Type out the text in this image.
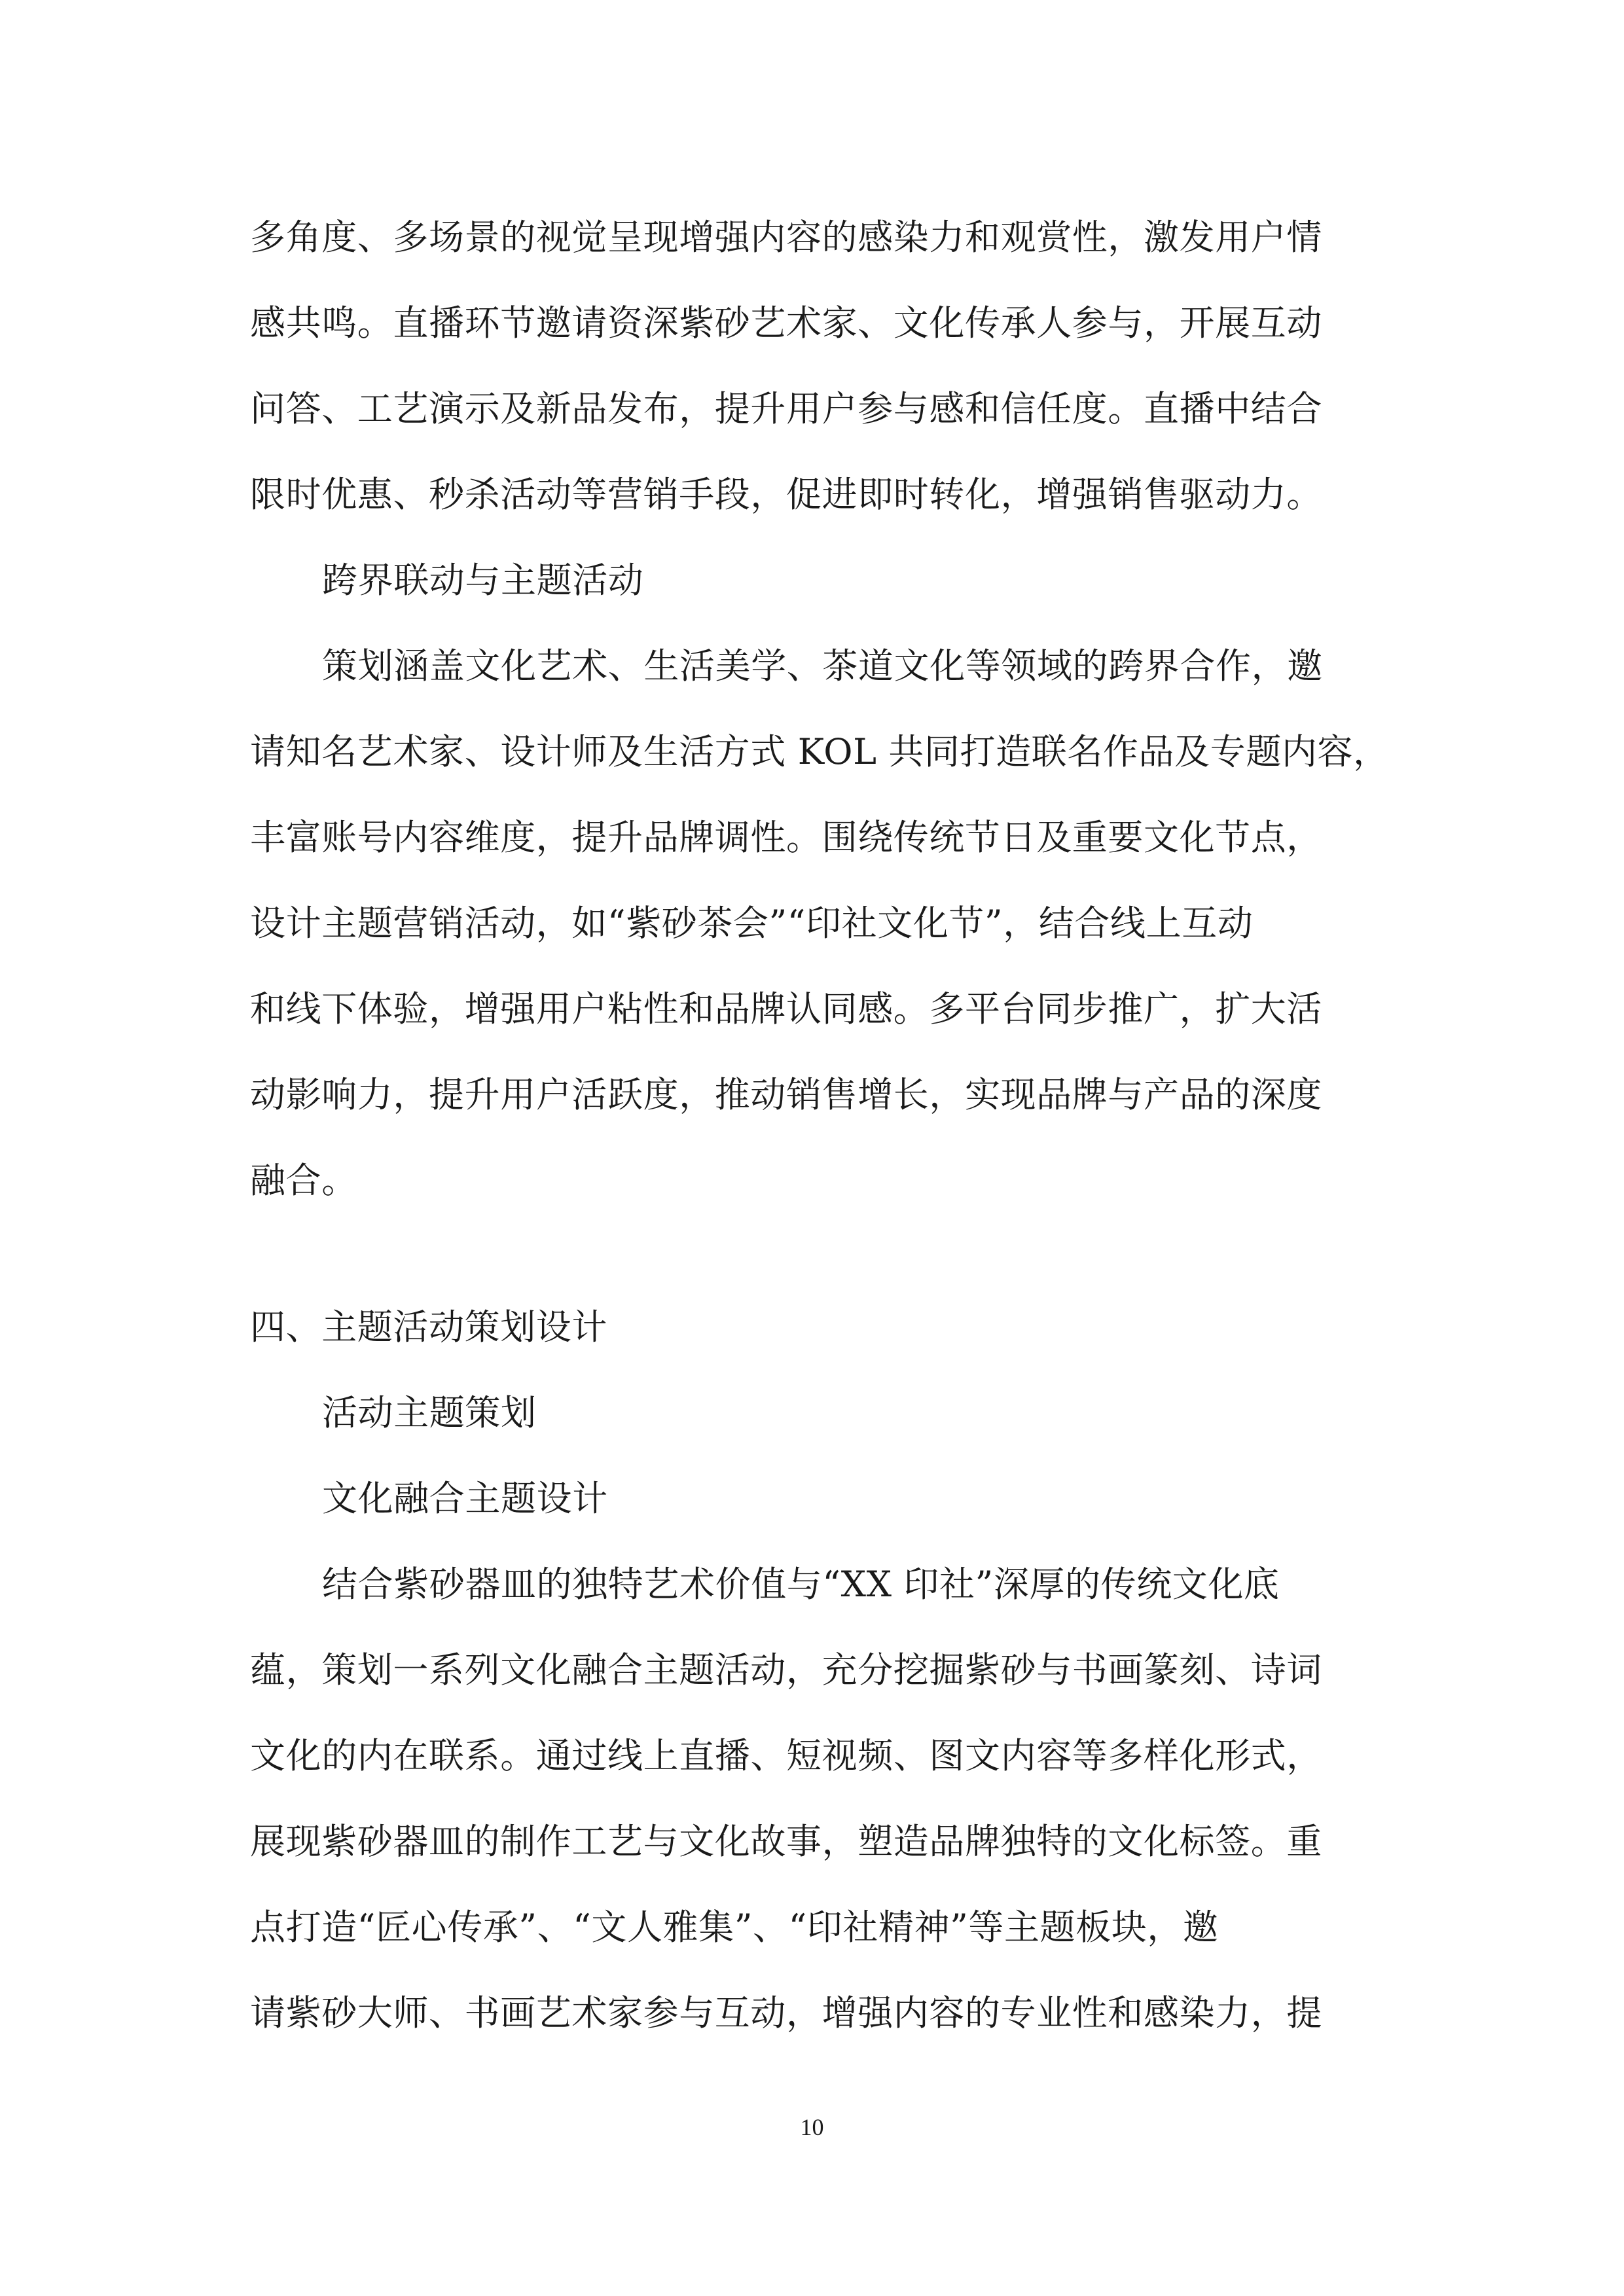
多角度、多场景的视觉呈现增强内容的感染力和观赏性，激发用户情
感共鸣。直播环节邀请资深紫砂艺术家、文化传承人参与，开展互动
问答、工艺演示及新品发布，提升用户参与感和信任度。直播中结合
限时优惠、秒杀活动等营销手段，促进即时转化，增强销售驱动力。
跨界联动与主题活动
策划涵盖文化艺术、生活美学、茶道文化等领域的跨界合作，邀
请知名艺术家、设计师及生活方式 KOL 共同打造联名作品及专题内容，
丰富账号内容维度，提升品牌调性。围绕传统节日及重要文化节点，
设计主题营销活动，如“紫砂茶会”“印社文化节”，结合线上互动
和线下体验，增强用户粘性和品牌认同感。多平台同步推广，扩大活
动影响力，提升用户活跃度，推动销售增长，实现品牌与产品的深度
融合。
四、主题活动策划设计
活动主题策划
文化融合主题设计
结合紫砂器皿的独特艺术价值与“XX 印社”深厚的传统文化底
蕴，策划一系列文化融合主题活动，充分挖掘紫砂与书画篆刻、诗词
文化的内在联系。通过线上直播、短视频、图文内容等多样化形式，
展现紫砂器皿的制作工艺与文化故事，塑造品牌独特的文化标签。重
点打造“匠心传承”、“文人雅集”、“印社精神”等主题板块，邀
请紫砂大师、书画艺术家参与互动，增强内容的专业性和感染力，提
10
